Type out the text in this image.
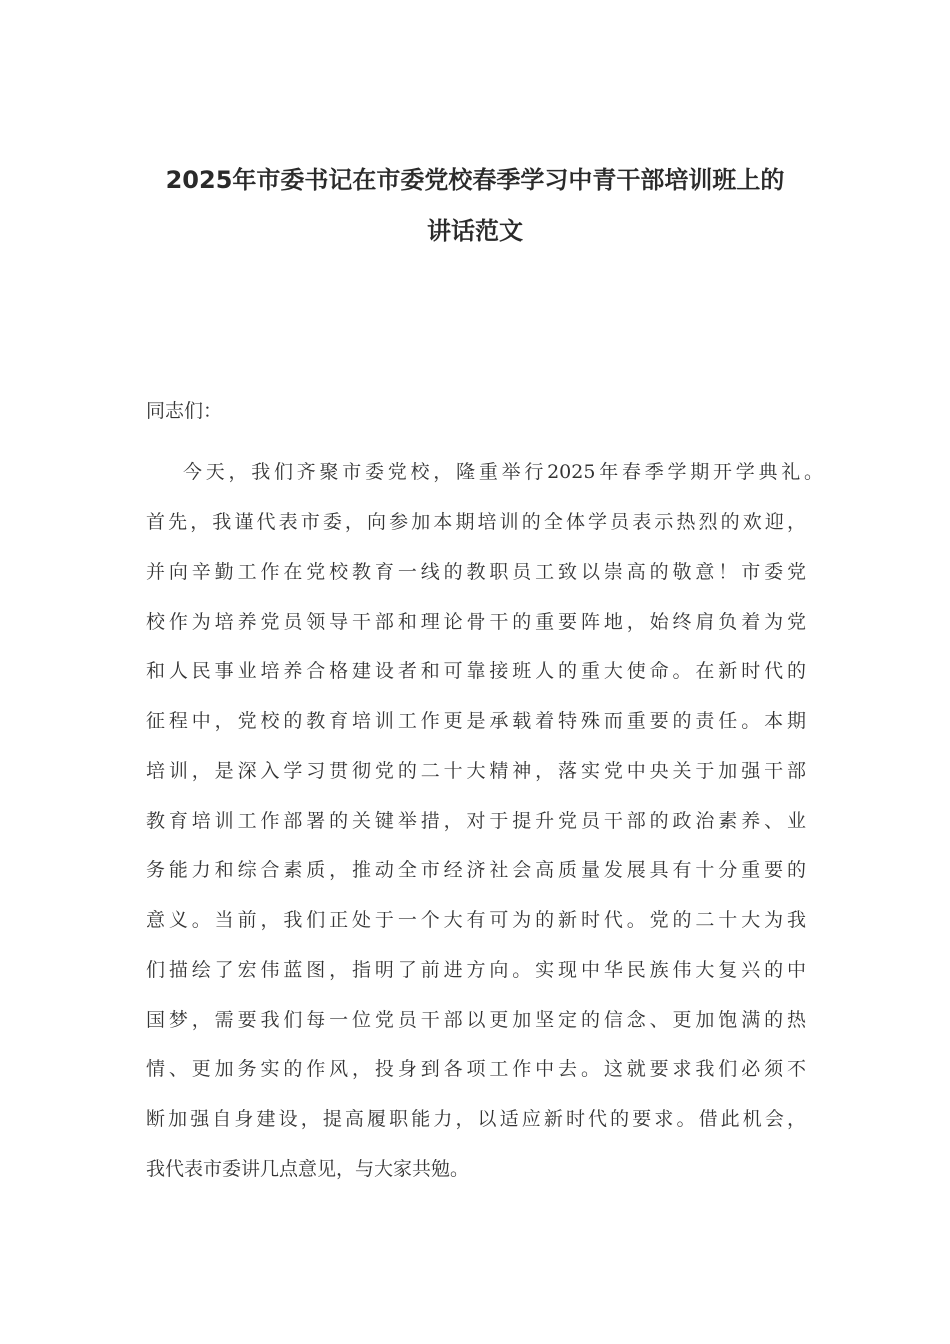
2025年市委书记在市委党校春季学习中青干部培训班上的
讲话范文
同志们：
今天，我们齐聚市委党校，隆重举行2025年春季学期开学典礼。
首先，我谨代表市委，向参加本期培训的全体学员表示热烈的欢迎，
并向辛勤工作在党校教育一线的教职员工致以崇高的敬意！市委党
校作为培养党员领导干部和理论骨干的重要阵地，始终肩负着为党
和人民事业培养合格建设者和可靠接班人的重大使命。在新时代的
征程中，党校的教育培训工作更是承载着特殊而重要的责任。本期
培训，是深入学习贯彻党的二十大精神，落实党中央关于加强干部
教育培训工作部署的关键举措，对于提升党员干部的政治素养、业
务能力和综合素质，推动全市经济社会高质量发展具有十分重要的
意义。当前，我们正处于一个大有可为的新时代。党的二十大为我
们描绘了宏伟蓝图，指明了前进方向。实现中华民族伟大复兴的中
国梦，需要我们每一位党员干部以更加坚定的信念、更加饱满的热
情、更加务实的作风，投身到各项工作中去。这就要求我们必须不
断加强自身建设，提高履职能力，以适应新时代的要求。借此机会，
我代表市委讲几点意见，与大家共勉。
